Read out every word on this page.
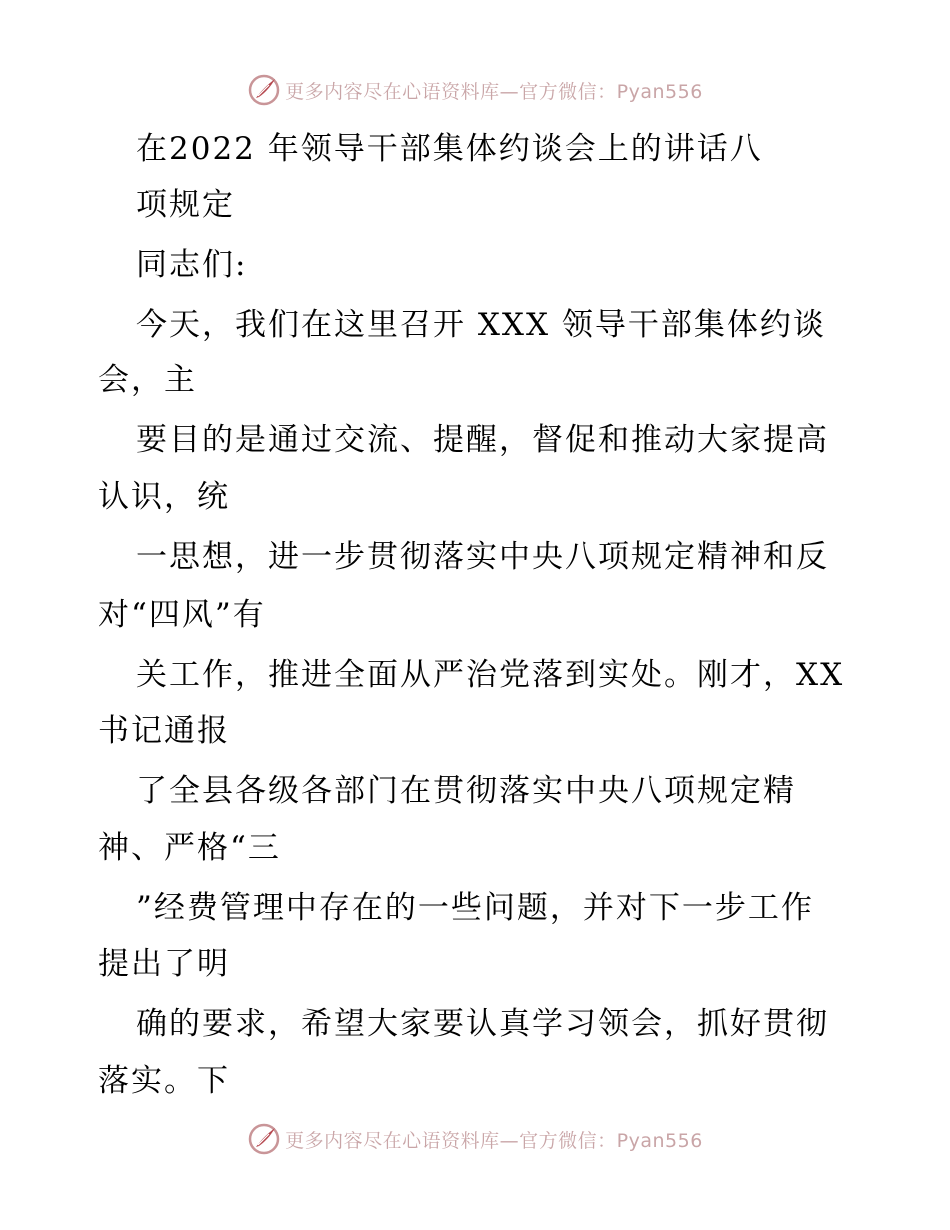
更多内容尽在心语资料库—官方微信：Pyan556
在2022 年领导干部集体约谈会上的讲话八
项规定
同志们:
今天，我们在这里召开 XXX 领导干部集体约谈
会，主
要目的是通过交流、提醒，督促和推动大家提高
认识，统
一思想，进一步贯彻落实中央八项规定精神和反
对“四风”有
关工作，推进全面从严治党落到实处。刚才，XX
书记通报
了全县各级各部门在贯彻落实中央八项规定精
神、严格“三
”经费管理中存在的一些问题，并对下一步工作
提出了明
确的要求，希望大家要认真学习领会，抓好贯彻
落实。下
更多内容尽在心语资料库—官方微信：Pyan556
